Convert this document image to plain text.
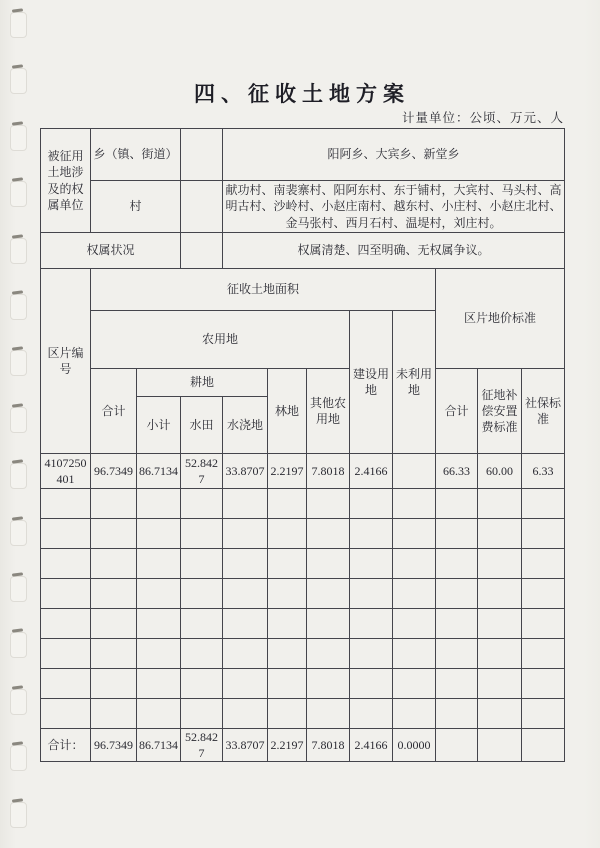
四、征收土地方案
计量单位：公顷、万元、人
被征用土地涉及的权属单位	乡（镇、街道）			阳阿乡、大宾乡、新堂乡							
	村			献功村、南裴寨村、阳阿东村、东于铺村，大宾村、马头村、高明古村、沙岭村、小赵庄南村、越东村、小庄村、小赵庄北村、金马张村、西月石村、温堤村，刘庄村。							
权属状况				权属清楚、四至明确、无权属争议。							
区片编号	征收土地面积								区片地价标准		
	农用地						建设用地	未利用地			
	合计	耕地			林地	其他农用地			合计	征地补偿安置费标准	社保标准
		小计	水田	水浇地							
4107250401	96.7349	86.7134	52.8427	33.8707	2.2197	7.8018	2.4166		66.33	60.00	6.33

合计：	96.7349	86.7134	52.8427	33.8707	2.2197	7.8018	2.4166	0.0000			
